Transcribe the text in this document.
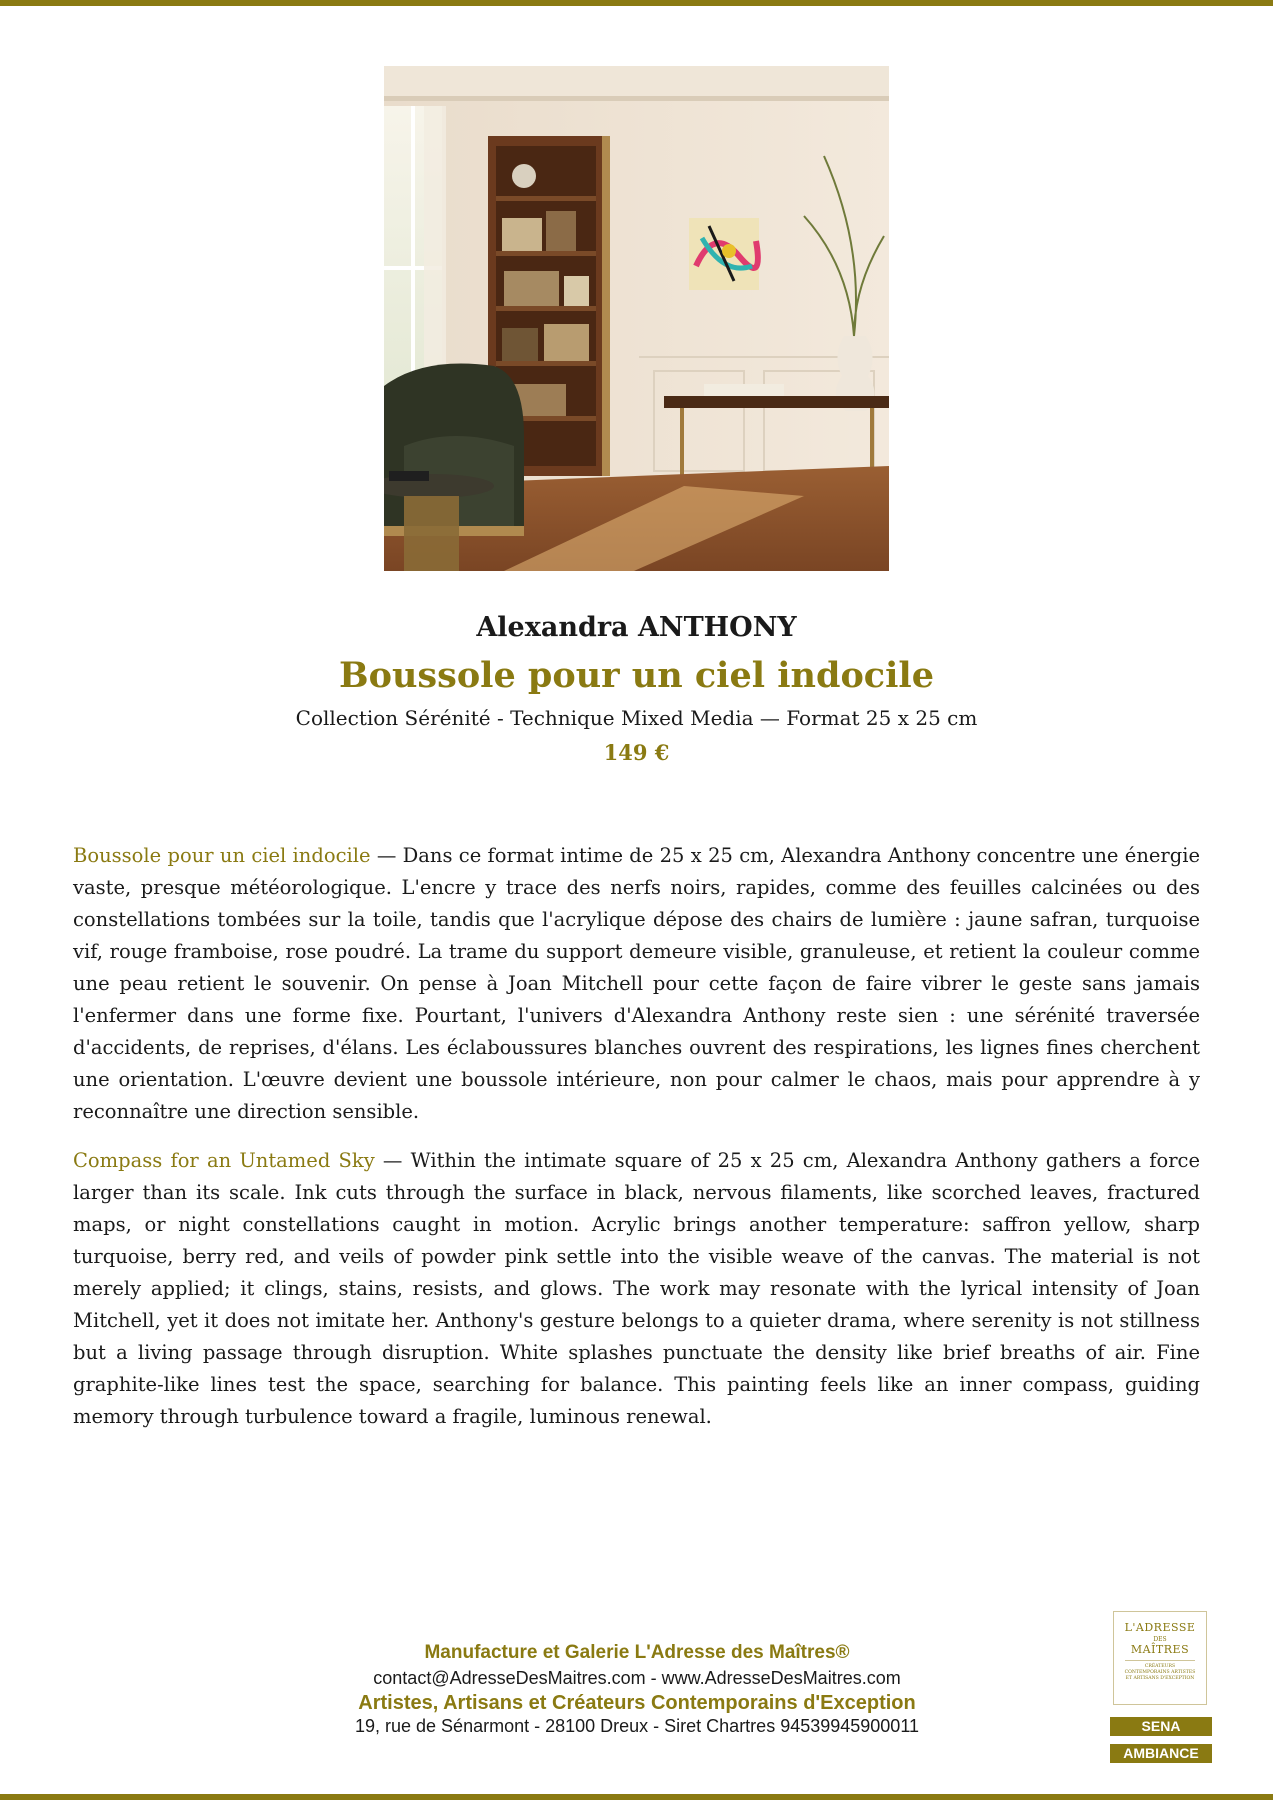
Alexandra ANTHONY
Boussole pour un ciel indocile
Collection Sérénité - Technique Mixed Media — Format 25 x 25 cm
149 €

Boussole pour un ciel indocile — Dans ce format intime de 25 x 25 cm, Alexandra Anthony concentre une énergie vaste, presque météorologique. L'encre y trace des nerfs noirs, rapides, comme des feuilles calcinées ou des constellations tombées sur la toile, tandis que l'acrylique dépose des chairs de lumière : jaune safran, turquoise vif, rouge framboise, rose poudré. La trame du support demeure visible, granuleuse, et retient la couleur comme une peau retient le souvenir. On pense à Joan Mitchell pour cette façon de faire vibrer le geste sans jamais l'enfermer dans une forme fixe. Pourtant, l'univers d'Alexandra Anthony reste sien : une sérénité traversée d'accidents, de reprises, d'élans. Les éclaboussures blanches ouvrent des respirations, les lignes fines cherchent une orientation. L'œuvre devient une boussole intérieure, non pour calmer le chaos, mais pour apprendre à y reconnaître une direction sensible.

Compass for an Untamed Sky — Within the intimate square of 25 x 25 cm, Alexandra Anthony gathers a force larger than its scale. Ink cuts through the surface in black, nervous filaments, like scorched leaves, fractured maps, or night constellations caught in motion. Acrylic brings another temperature: saffron yellow, sharp turquoise, berry red, and veils of powder pink settle into the visible weave of the canvas. The material is not merely applied; it clings, stains, resists, and glows. The work may resonate with the lyrical intensity of Joan Mitchell, yet it does not imitate her. Anthony's gesture belongs to a quieter drama, where serenity is not stillness but a living passage through disruption. White splashes punctuate the density like brief breaths of air. Fine graphite-like lines test the space, searching for balance. This painting feels like an inner compass, guiding memory through turbulence toward a fragile, luminous renewal.

Manufacture et Galerie L'Adresse des Maîtres®
contact@AdresseDesMaitres.com - www.AdresseDesMaitres.com
Artistes, Artisans et Créateurs Contemporains d'Exception
19, rue de Sénarmont - 28100 Dreux - Siret Chartres 94539945900011
L'ADRESSE
DES
MAÎTRES
CRÉATEURS CONTEMPORAINS ARTISTES ET ARTISANS D'EXCEPTION
SENA
AMBIANCE
